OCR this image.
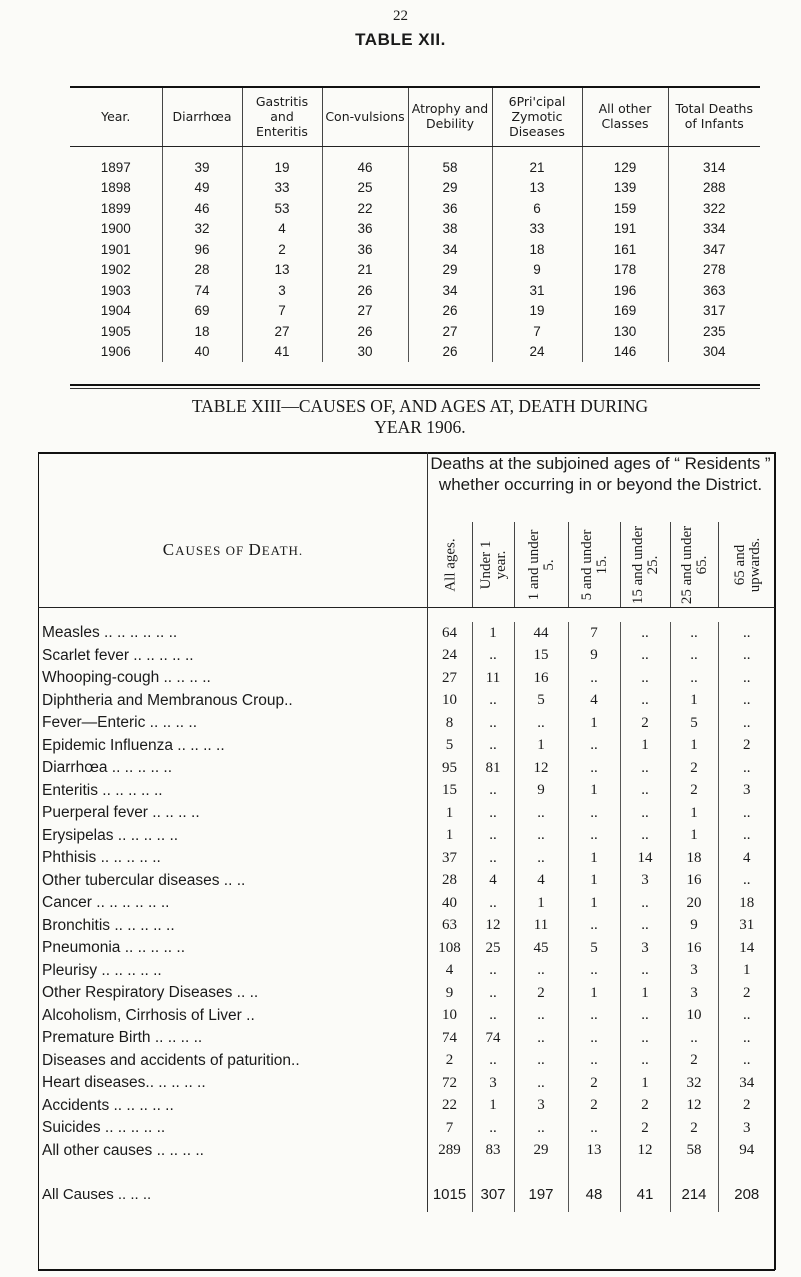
22
TABLE XII.
Year.	Diarrhœa	Gastritis and Enteritis	Con-vulsions	Atrophy and Debility	6Pri'cipal Zymotic Diseases	All other Classes	Total Deaths of Infants
1897	39	19	46	58	21	129	314
1898	49	33	25	29	13	139	288
1899	46	53	22	36	6	159	322
1900	32	4	36	38	33	191	334
1901	96	2	36	34	18	161	347
1902	28	13	21	29	9	178	278
1903	74	3	26	34	31	196	363
1904	69	7	27	26	19	169	317
1905	18	27	26	27	7	130	235
1906	40	41	30	26	24	146	304
TABLE XIII—CAUSES OF, AND AGES AT, DEATH DURING
YEAR 1906.
Deaths at the subjoined ages of “ Residents ” whether occurring in or beyond the District.
CAUSES OF DEATH.	All ages. Under 1 year. 1 and under 5. 5 and under 15. 15 and under 25. 25 and under 65. 65 and upwards.

Measles .. .. .. .. .. ..	64	1	44	7	..	..	..
Scarlet fever .. .. .. .. ..	24	..	15	9	..	..	..
Whooping-cough .. .. .. ..	27	11	16	..	..	..	..
Diphtheria and Membranous Croup..	10	..	5	4	..	1	..
Fever—Enteric .. .. .. ..	8	..	..	1	2	5	..
Epidemic Influenza .. .. .. ..	5	..	1	..	1	1	2
Diarrhœa .. .. .. .. ..	95	81	12	..	..	2	..
Enteritis .. .. .. .. ..	15	..	9	1	..	2	3
Puerperal fever .. .. .. ..	1	..	..	..	..	1	..
Erysipelas .. .. .. .. ..	1	..	..	..	..	1	..
Phthisis .. .. .. .. ..	37	..	..	1	14	18	4
Other tubercular diseases .. ..	28	4	4	1	3	16	..
Cancer .. .. .. .. .. ..	40	..	1	1	..	20	18
Bronchitis .. .. .. .. ..	63	12	11	..	..	9	31
Pneumonia .. .. .. .. ..	108	25	45	5	3	16	14
Pleurisy .. .. .. .. ..	4	..	..	..	..	3	1
Other Respiratory Diseases .. ..	9	..	2	1	1	3	2
Alcoholism, Cirrhosis of Liver ..	10	..	..	..	..	10	..
Premature Birth .. .. .. ..	74	74	..	..	..	..	..
Diseases and accidents of paturition..	2	..	..	..	..	2	..
Heart diseases.. .. .. .. ..	72	3	..	2	1	32	34
Accidents .. .. .. .. ..	22	1	3	2	2	12	2
Suicides .. .. .. .. ..	7	..	..	..	2	2	3
All other causes .. .. .. ..	289	83	29	13	12	58	94

All Causes .. .. ..	1015	307	197	48	41	214	208
